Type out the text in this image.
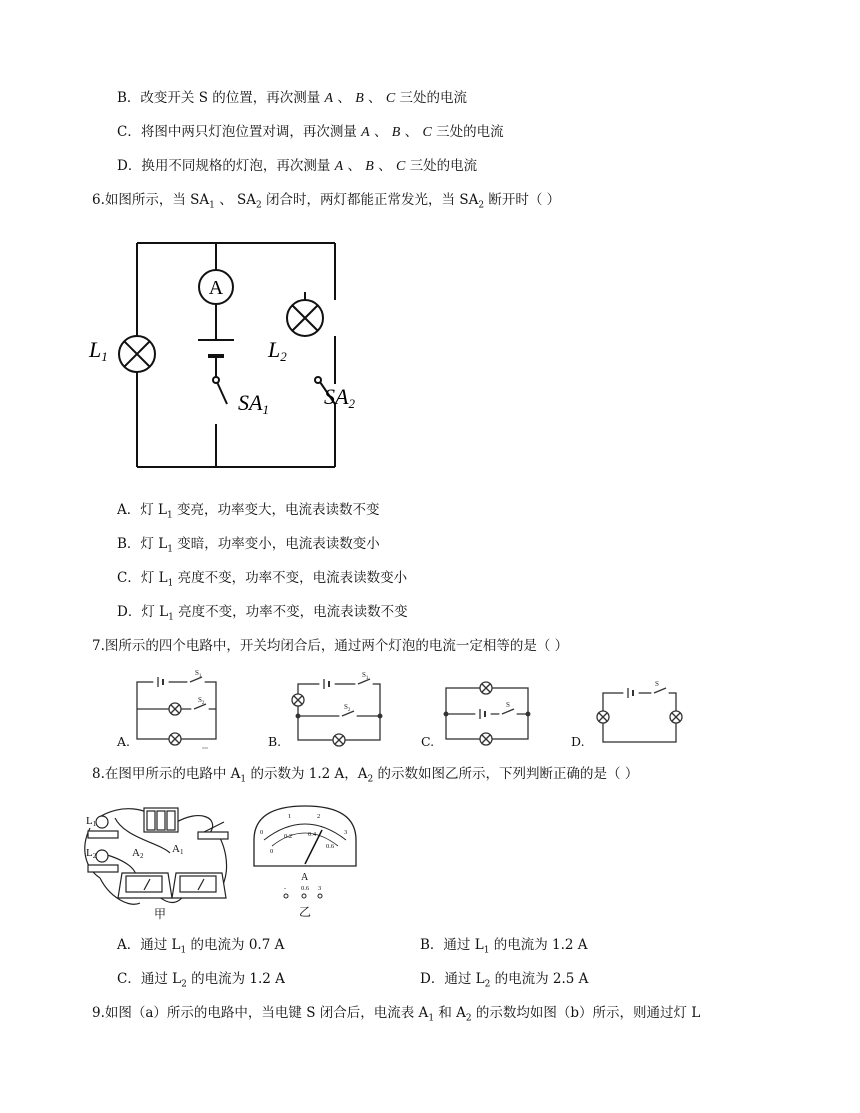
B．改变开关 S 的位置，再次测量 A 、 B 、 C 三处的电流
C．将图中两只灯泡位置对调，再次测量 A 、 B 、 C 三处的电流
D．换用不同规格的灯泡，再次测量 A 、 B 、 C 三处的电流
6.如图所示，当 $SA_1$ 、 $SA_2$ 闭合时，两灯都能正常发光，当 $SA_2$ 断开时（ ）
A
L1	L2
SA1
SA2
A．灯 $L_1$ 变亮，功率变大，电流表读数不变
B．灯 $L_1$ 变暗，功率变小，电流表读数变小
C．灯 $L_1$ 亮度不变，功率不变，电流表读数变小
D．灯 $L_1$ 亮度不变，功率不变，电流表读数不变
7.图所示的四个电路中，开关均闭合后，通过两个灯泡的电流一定相等的是（ ）
$S_1$
$S_2$
$S_1$
$S_2$
S
S
A.	B.	C.	D.
8.在图甲所示的电路中 $A_1$ 的示数为 1.2 A，$A_2$ 的示数如图乙所示，下列判断正确的是（ ）
L1
L2	A2
A1
甲
0
1	2
3
0
0.2 0.4
0.6
A
- 0.6 3
乙
A．通过 $L_1$ 的电流为 0.7 A	B．通过 $L_1$ 的电流为 1.2 A
C．通过 $L_2$ 的电流为 1.2 A	D．通过 $L_2$ 的电流为 2.5 A
9.如图（a）所示的电路中，当电键 S 闭合后，电流表 $A_1$ 和 $A_2$ 的示数均如图（b）所示，则通过灯 L
